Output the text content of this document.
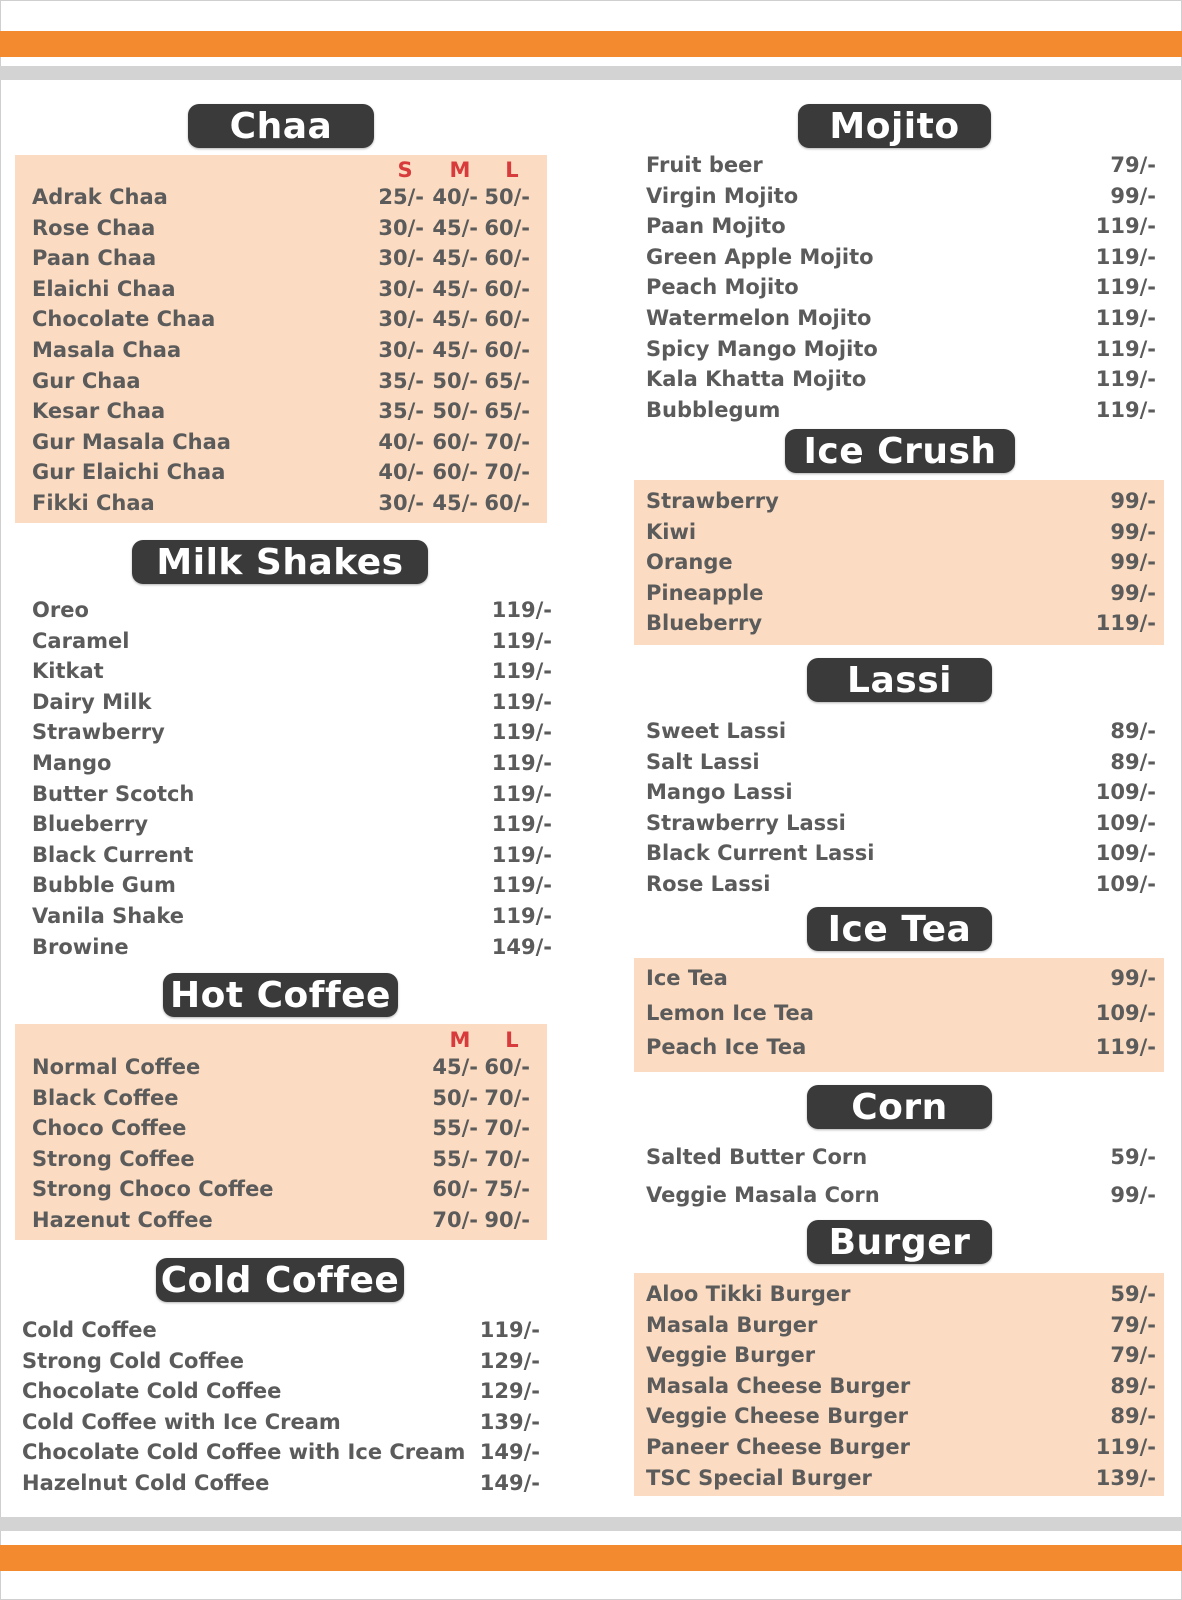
Chaa
Milk Shakes
Hot Coffee
Cold Coffee
Mojito
Ice Crush
Lassi
Ice Tea
Corn
Burger
S	M	L
M	L
Adrak Chaa	25/- 40/- 50/-
Rose Chaa	30/- 45/- 60/-
Paan Chaa	30/- 45/- 60/-
Elaichi Chaa	30/- 45/- 60/-
Chocolate Chaa	30/- 45/- 60/-
Masala Chaa	30/- 45/- 60/-
Gur Chaa	35/- 50/- 65/-
Kesar Chaa	35/- 50/- 65/-
Gur Masala Chaa	40/- 60/- 70/-
Gur Elaichi Chaa	40/- 60/- 70/-
Fikki Chaa	30/- 45/- 60/-
Oreo	119/-
Caramel	119/-
Kitkat	119/-
Dairy Milk	119/-
Strawberry	119/-
Mango	119/-
Butter Scotch	119/-
Blueberry	119/-
Black Current	119/-
Bubble Gum	119/-
Vanila Shake	119/-
Browine	149/-
Normal Coffee	45/- 60/-
Black Coffee	50/- 70/-
Choco Coffee	55/- 70/-
Strong Coffee	55/- 70/-
Strong Choco Coffee	60/- 75/-
Hazenut Coffee	70/- 90/-
Cold Coffee	119/-
Strong Cold Coffee	129/-
Chocolate Cold Coffee	129/-
Cold Coffee with Ice Cream	139/-
Chocolate Cold Coffee with Ice Cream 149/-
Hazelnut Cold Coffee	149/-
Fruit beer	79/-
Virgin Mojito	99/-
Paan Mojito	119/-
Green Apple Mojito	119/-
Peach Mojito	119/-
Watermelon Mojito	119/-
Spicy Mango Mojito	119/-
Kala Khatta Mojito	119/-
Bubblegum	119/-
Strawberry	99/-
Kiwi	99/-
Orange	99/-
Pineapple	99/-
Blueberry	119/-
Sweet Lassi	89/-
Salt Lassi	89/-
Mango Lassi	109/-
Strawberry Lassi	109/-
Black Current Lassi	109/-
Rose Lassi	109/-
Ice Tea	99/-
Lemon Ice Tea	109/-
Peach Ice Tea	119/-
Salted Butter Corn	59/-
Veggie Masala Corn	99/-
Aloo Tikki Burger	59/-
Masala Burger	79/-
Veggie Burger	79/-
Masala Cheese Burger	89/-
Veggie Cheese Burger	89/-
Paneer Cheese Burger	119/-
TSC Special Burger	139/-
